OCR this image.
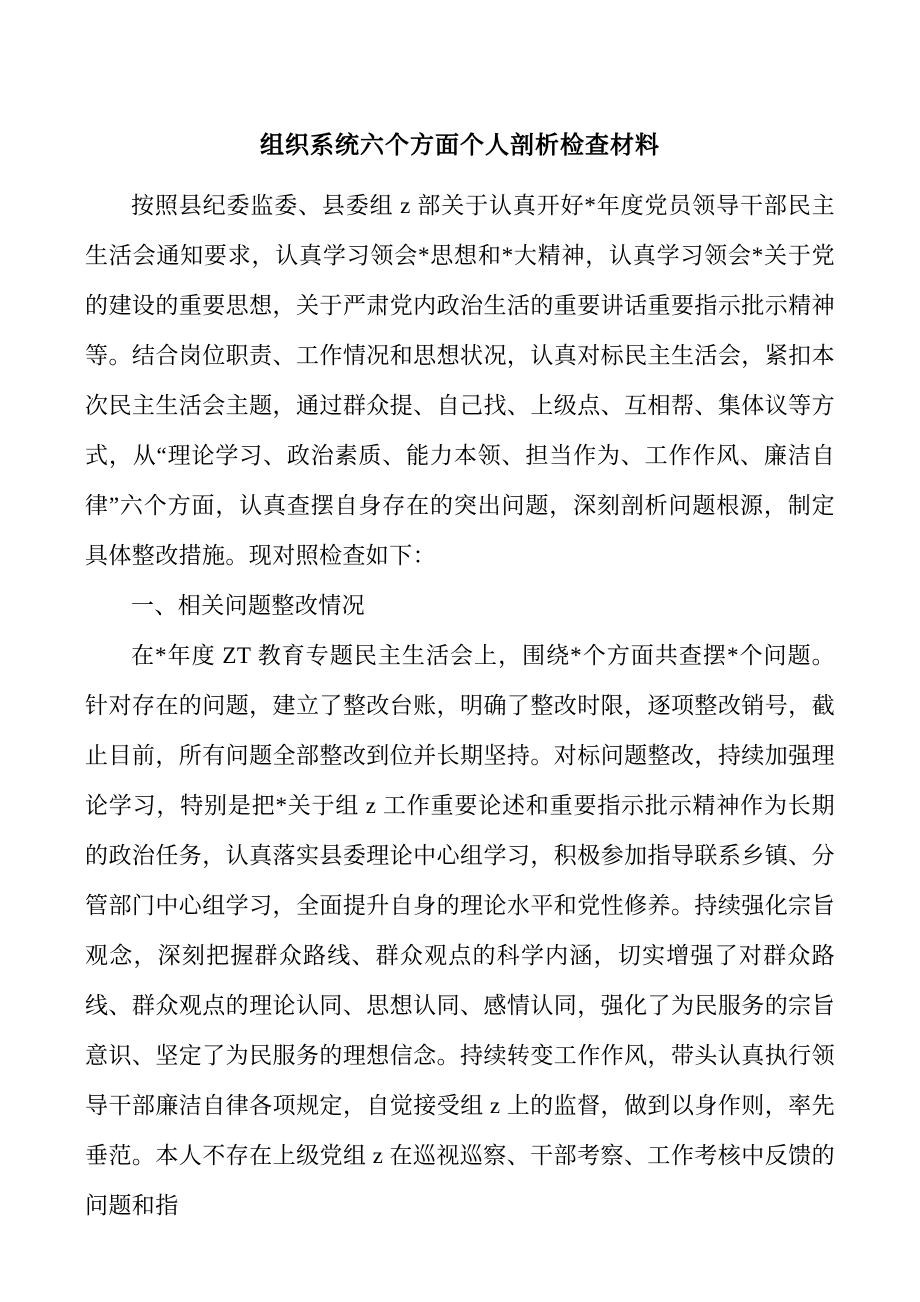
组织系统六个方面个人剖析检查材料

按照县纪委监委、县委组 z 部关于认真开好*年度党员领导干部民主生活会通知要求，认真学习领会*思想和*大精神，认真学习领会*关于党的建设的重要思想，关于严肃党内政治生活的重要讲话重要指示批示精神等。结合岗位职责、工作情况和思想状况，认真对标民主生活会，紧扣本次民主生活会主题，通过群众提、自己找、上级点、互相帮、集体议等方式，从“理论学习、政治素质、能力本领、担当作为、工作作风、廉洁自律”六个方面，认真查摆自身存在的突出问题，深刻剖析问题根源，制定具体整改措施。现对照检查如下：

一、相关问题整改情况

在*年度 ZT 教育专题民主生活会上，围绕*个方面共查摆*个问题。针对存在的问题，建立了整改台账，明确了整改时限，逐项整改销号，截止目前，所有问题全部整改到位并长期坚持。对标问题整改，持续加强理论学习，特别是把*关于组 z 工作重要论述和重要指示批示精神作为长期的政治任务，认真落实县委理论中心组学习，积极参加指导联系乡镇、分管部门中心组学习，全面提升自身的理论水平和党性修养。持续强化宗旨观念，深刻把握群众路线、群众观点的科学内涵，切实增强了对群众路线、群众观点的理论认同、思想认同、感情认同，强化了为民服务的宗旨意识、坚定了为民服务的理想信念。持续转变工作作风，带头认真执行领导干部廉洁自律各项规定，自觉接受组 z 上的监督，做到以身作则，率先垂范。本人不存在上级党组 z 在巡视巡察、干部考察、工作考核中反馈的问题和指
